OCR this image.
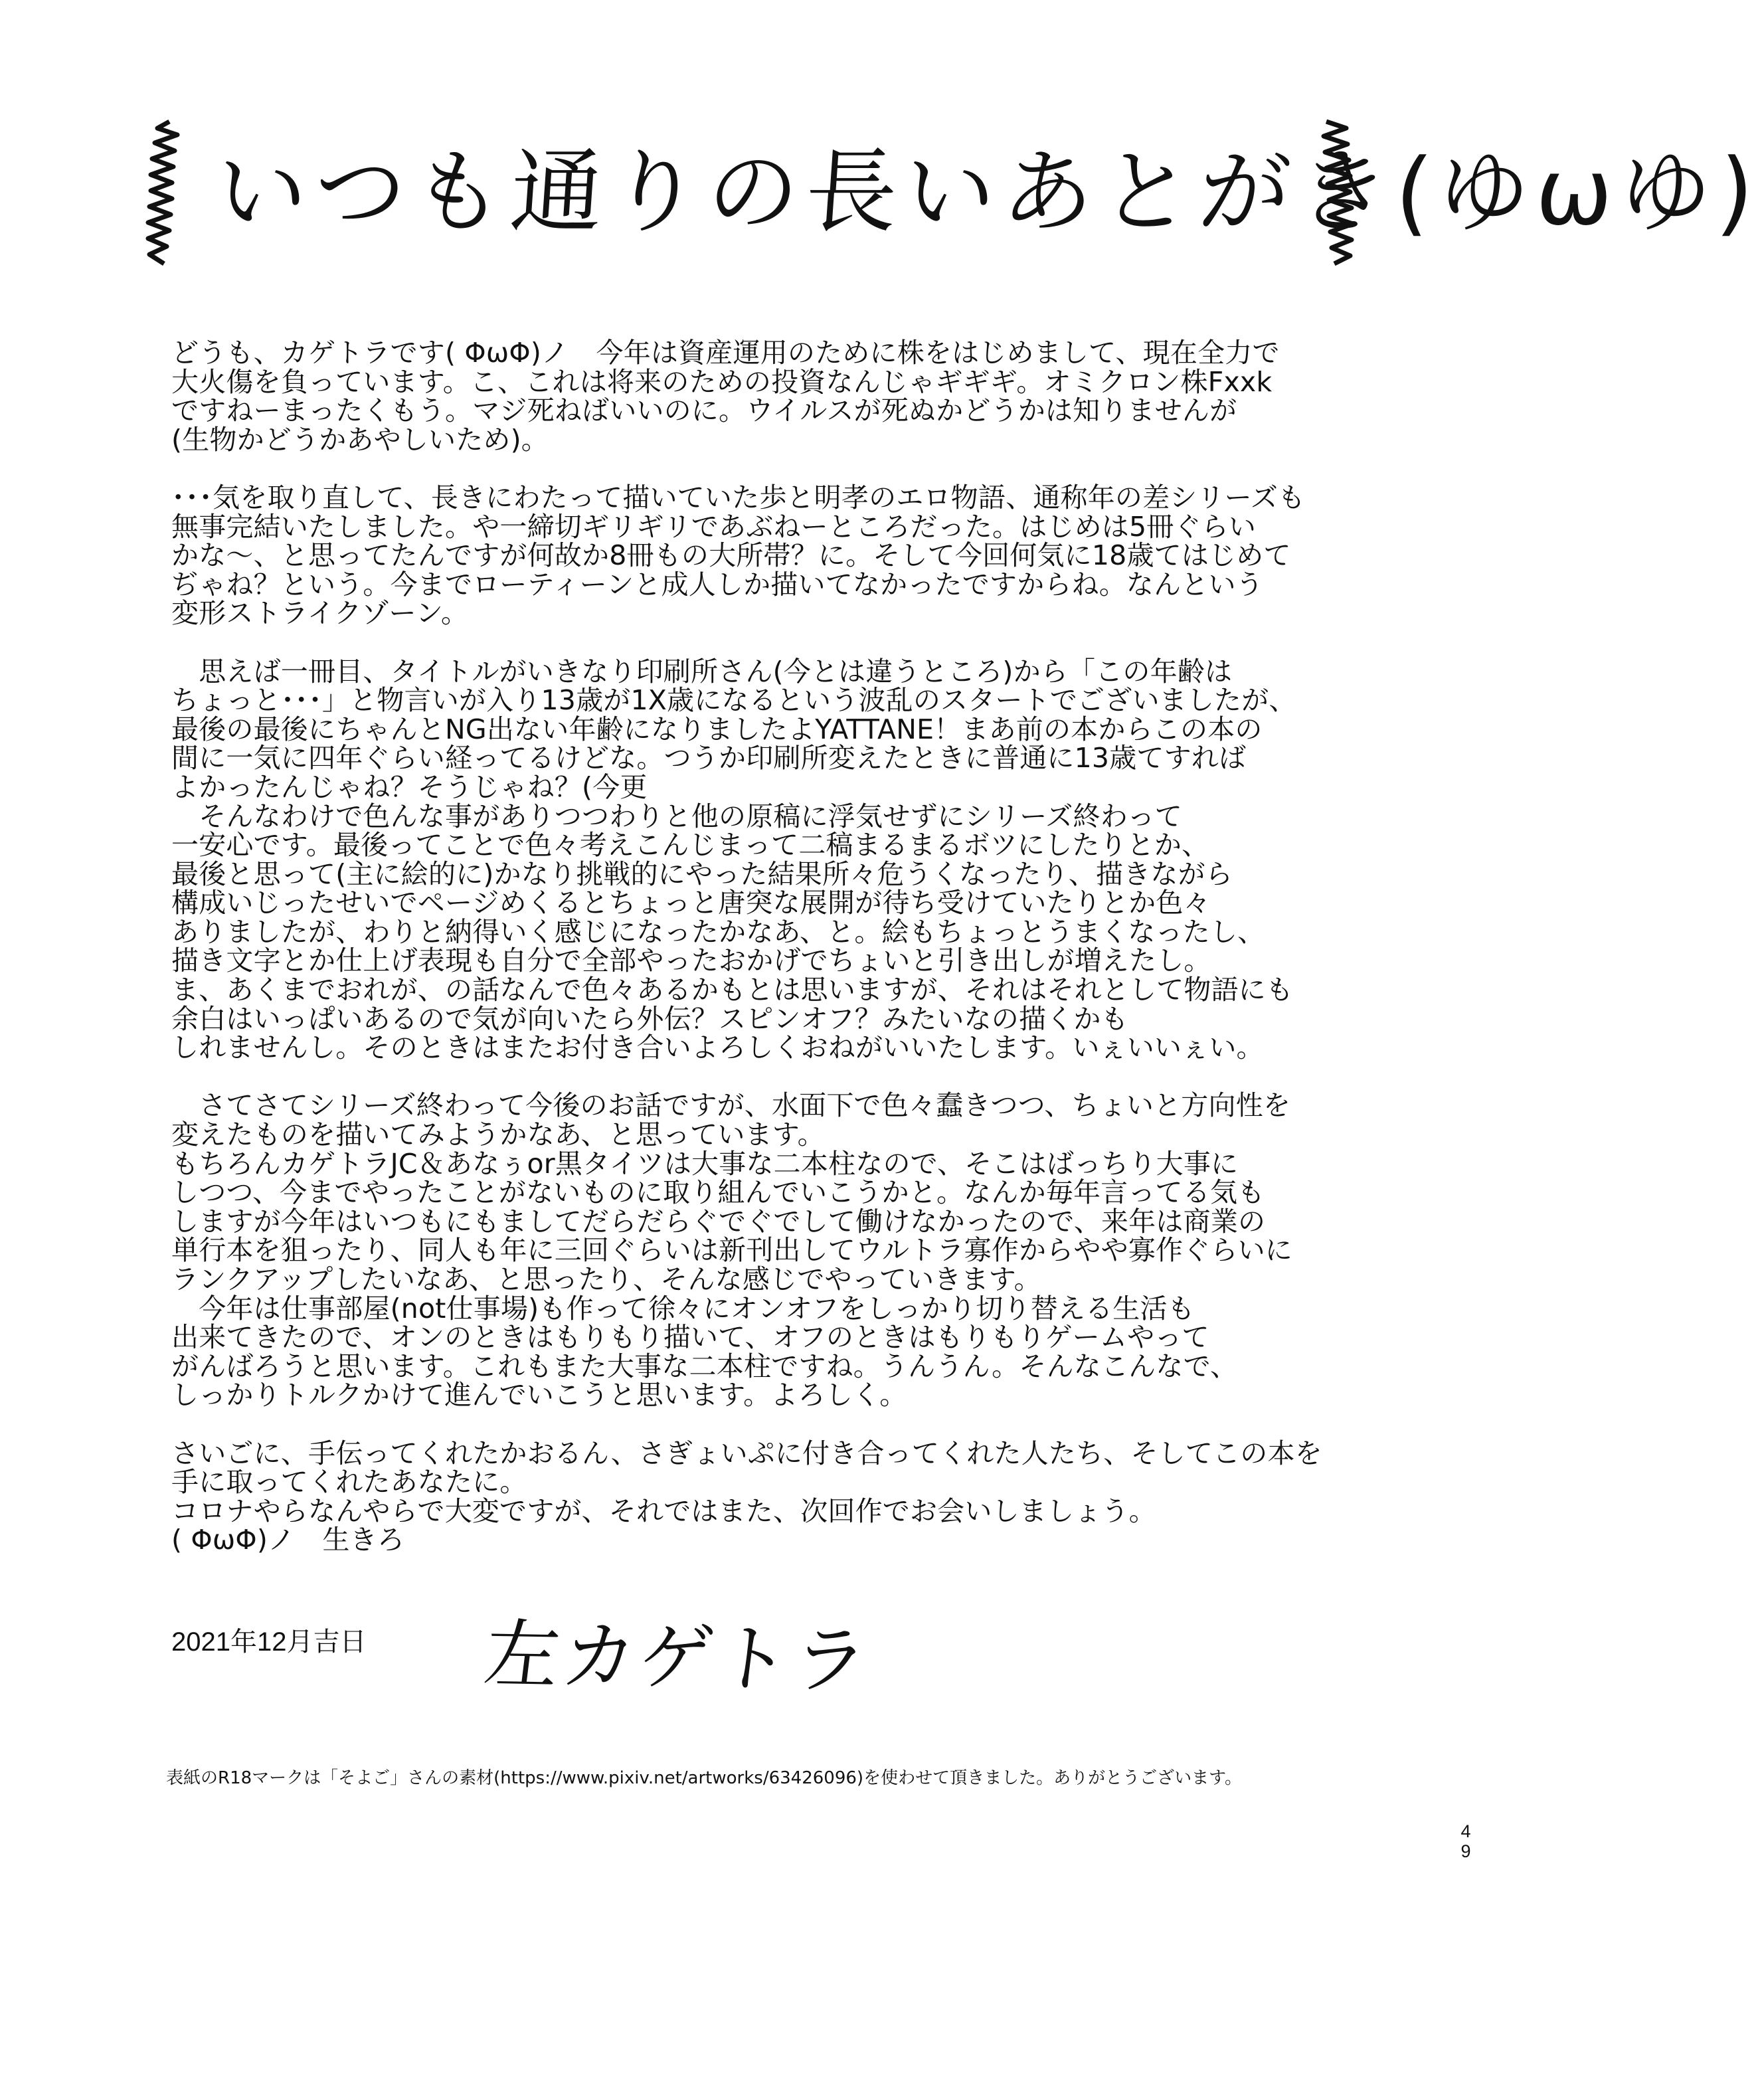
いつも通りの長いあとがき(ゆωゆ)
どうも、カゲトラです( ΦωΦ)ノ　今年は資産運用のために株をはじめまして、現在全力で
大火傷を負っています。こ、これは将来のための投資なんじゃギギギ。オミクロン株Fxxk
ですねーまったくもう。マジ死ねばいいのに。ウイルスが死ぬかどうかは知りませんが
(生物かどうかあやしいため)。
･･･気を取り直して、長きにわたって描いていた歩と明孝のエロ物語、通称年の差シリーズも
無事完結いたしました。や一締切ギリギリであぶねーところだった。はじめは5冊ぐらい
かな～、と思ってたんですが何故か8冊もの大所帯？に。そして今回何気に18歳てはじめて
ぢゃね？という。今までローティーンと成人しか描いてなかったですからね。なんという
変形ストライクゾーン。
　思えば一冊目、タイトルがいきなり印刷所さん(今とは違うところ)から「この年齢は
ちょっと･･･」と物言いが入り13歳が1X歳になるという波乱のスタートでございましたが、
最後の最後にちゃんとNG出ない年齢になりましたよYATTANE！まあ前の本からこの本の
間に一気に四年ぐらい経ってるけどな。つうか印刷所変えたときに普通に13歳てすれば
よかったんじゃね？そうじゃね？(今更
　そんなわけで色んな事がありつつわりと他の原稿に浮気せずにシリーズ終わって
一安心です。最後ってことで色々考えこんじまって二稿まるまるボツにしたりとか、
最後と思って(主に絵的に)かなり挑戦的にやった結果所々危うくなったり、描きながら
構成いじったせいでページめくるとちょっと唐突な展開が待ち受けていたりとか色々
ありましたが、わりと納得いく感じになったかなあ、と。絵もちょっとうまくなったし、
描き文字とか仕上げ表現も自分で全部やったおかげでちょいと引き出しが増えたし。
ま、あくまでおれが、の話なんで色々あるかもとは思いますが、それはそれとして物語にも
余白はいっぱいあるので気が向いたら外伝？スピンオフ？みたいなの描くかも
しれませんし。そのときはまたお付き合いよろしくおねがいいたします。いぇいいぇい。
　さてさてシリーズ終わって今後のお話ですが、水面下で色々蠢きつつ、ちょいと方向性を
変えたものを描いてみようかなあ、と思っています。
もちろんカゲトラJC＆あなぅor黒タイツは大事な二本柱なので、そこはばっちり大事に
しつつ、今までやったことがないものに取り組んでいこうかと。なんか毎年言ってる気も
しますが今年はいつもにもましてだらだらぐでぐでして働けなかったので、来年は商業の
単行本を狙ったり、同人も年に三回ぐらいは新刊出してウルトラ寡作からやや寡作ぐらいに
ランクアップしたいなあ、と思ったり、そんな感じでやっていきます。
　今年は仕事部屋(not仕事場)も作って徐々にオンオフをしっかり切り替える生活も
出来てきたので、オンのときはもりもり描いて、オフのときはもりもりゲームやって
がんばろうと思います。これもまた大事な二本柱ですね。うんうん。そんなこんなで、
しっかりトルクかけて進んでいこうと思います。よろしく。
さいごに、手伝ってくれたかおるん、さぎょいぷに付き合ってくれた人たち、そしてこの本を
手に取ってくれたあなたに。
コロナやらなんやらで大変ですが、それではまた、次回作でお会いしましょう。
( ΦωΦ)ノ　生きろ
2021年12月吉日 左カゲトラ
表紙のR18マークは「そよご」さんの素材(https://www.pixiv.net/artworks/63426096)を使わせて頂きました。ありがとうございます。
4
9
